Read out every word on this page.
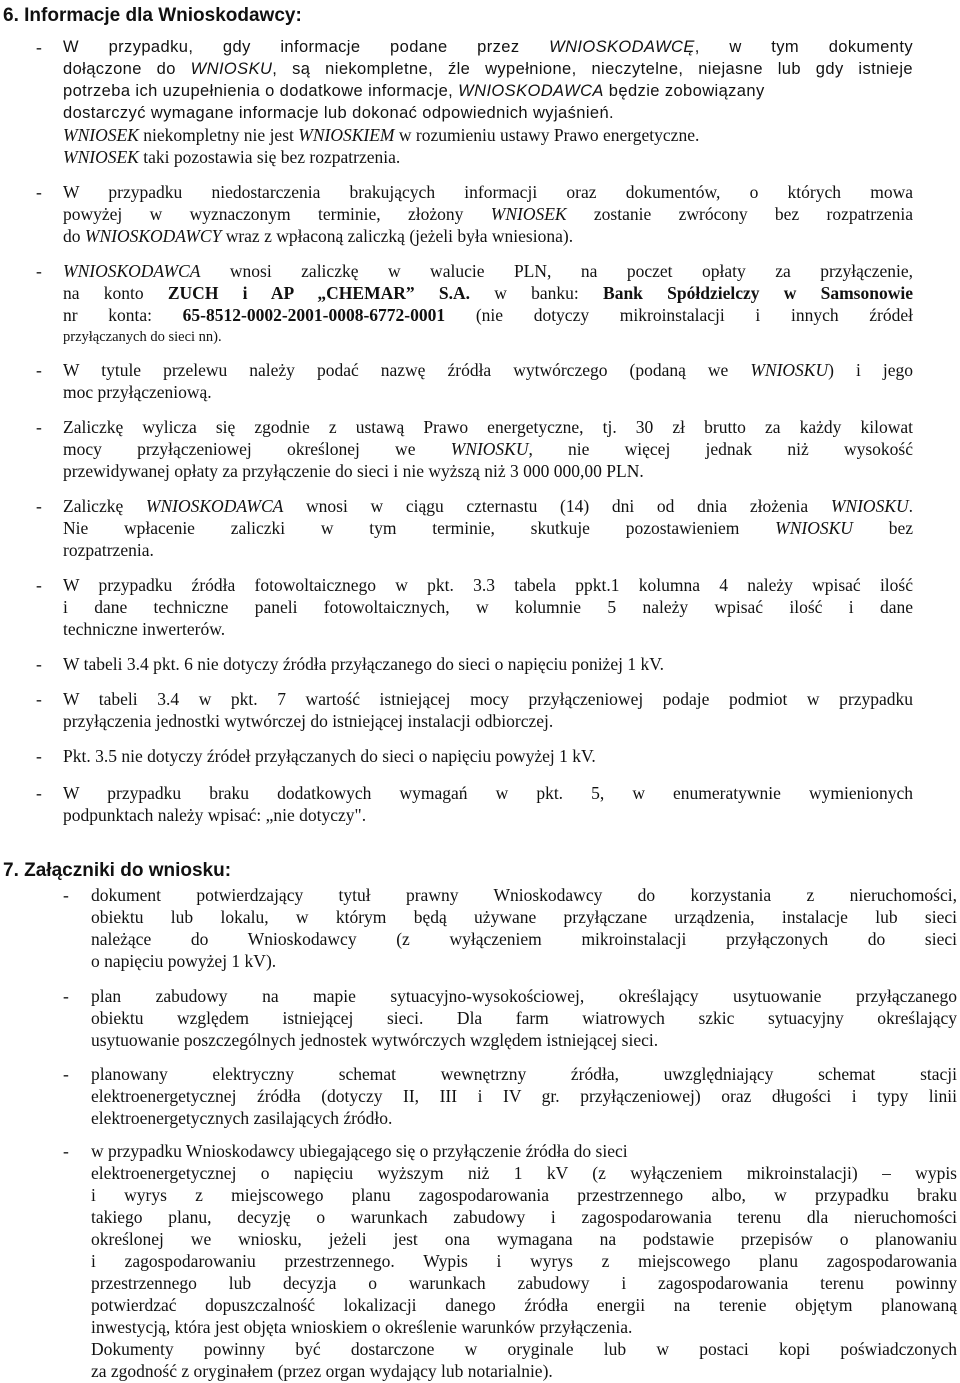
6. Informacje dla Wnioskodawcy:
- W przypadku, gdy informacje podane przez WNIOSKODAWCĘ, w tym dokumenty
dołączone do WNIOSKU, są niekompletne, źle wypełnione, nieczytelne, niejasne lub gdy istnieje
potrzeba ich uzupełnienia o dodatkowe informacje, WNIOSKODAWCA będzie zobowiązany
dostarczyć wymagane informacje lub dokonać odpowiednich wyjaśnień.
WNIOSEK niekompletny nie jest WNIOSKIEM w rozumieniu ustawy Prawo energetyczne.
WNIOSEK taki pozostawia się bez rozpatrzenia.
- W przypadku niedostarczenia brakujących informacji oraz dokumentów, o których mowa
powyżej w wyznaczonym terminie, złożony WNIOSEK zostanie zwrócony bez rozpatrzenia
do WNIOSKODAWCY wraz z wpłaconą zaliczką (jeżeli była wniesiona).
- WNIOSKODAWCA wnosi zaliczkę w walucie PLN, na poczet opłaty za przyłączenie,
na konto ZUCH i AP „CHEMAR” S.A. w banku: Bank Spółdzielczy w Samsonowie
nr konta: 65-8512-0002-2001-0008-6772-0001 (nie dotyczy mikroinstalacji i innych źródeł
przyłączanych do sieci nn).
- W tytule przelewu należy podać nazwę źródła wytwórczego (podaną we WNIOSKU) i jego
moc przyłączeniową.
- Zaliczkę wylicza się zgodnie z ustawą Prawo energetyczne, tj. 30 zł brutto za każdy kilowat
mocy przyłączeniowej określonej we WNIOSKU, nie więcej jednak niż wysokość
przewidywanej opłaty za przyłączenie do sieci i nie wyższą niż 3 000 000,00 PLN.
- Zaliczkę WNIOSKODAWCA wnosi w ciągu czternastu (14) dni od dnia złożenia WNIOSKU.
Nie wpłacenie zaliczki w tym terminie, skutkuje pozostawieniem WNIOSKU bez
rozpatrzenia.
- W przypadku źródła fotowoltaicznego w pkt. 3.3 tabela ppkt.1 kolumna 4 należy wpisać ilość
i dane techniczne paneli fotowoltaicznych, w kolumnie 5 należy wpisać ilość i dane
techniczne inwerterów.
- W tabeli 3.4 pkt. 6 nie dotyczy źródła przyłączanego do sieci o napięciu poniżej 1 kV.
- W tabeli 3.4 w pkt. 7 wartość istniejącej mocy przyłączeniowej podaje podmiot w przypadku
przyłączenia jednostki wytwórczej do istniejącej instalacji odbiorczej.
- Pkt. 3.5 nie dotyczy źródeł przyłączanych do sieci o napięciu powyżej 1 kV.
- W przypadku braku dodatkowych wymagań w pkt. 5, w enumeratywnie wymienionych
podpunktach należy wpisać: „nie dotyczy".
7. Załączniki do wniosku:
- dokument potwierdzający tytuł prawny Wnioskodawcy do korzystania z nieruchomości,
obiektu lub lokalu, w którym będą używane przyłączane urządzenia, instalacje lub sieci
należące do Wnioskodawcy (z wyłączeniem mikroinstalacji przyłączonych do sieci
o napięciu powyżej 1 kV).
- plan zabudowy na mapie sytuacyjno-wysokościowej, określający usytuowanie przyłączanego
obiektu względem istniejącej sieci. Dla farm wiatrowych szkic sytuacyjny określający
usytuowanie poszczególnych jednostek wytwórczych względem istniejącej sieci.
- planowany elektryczny schemat wewnętrzny źródła, uwzględniający schemat stacji
elektroenergetycznej źródła (dotyczy II, III i IV gr. przyłączeniowej) oraz długości i typy linii
elektroenergetycznych zasilających źródło.
- w przypadku Wnioskodawcy ubiegającego się o przyłączenie źródła do sieci
elektroenergetycznej o napięciu wyższym niż 1 kV (z wyłączeniem mikroinstalacji) – wypis
i wyrys z miejscowego planu zagospodarowania przestrzennego albo, w przypadku braku
takiego planu, decyzję o warunkach zabudowy i zagospodarowania terenu dla nieruchomości
określonej we wniosku, jeżeli jest ona wymagana na podstawie przepisów o planowaniu
i zagospodarowaniu przestrzennego. Wypis i wyrys z miejscowego planu zagospodarowania
przestrzennego lub decyzja o warunkach zabudowy i zagospodarowania terenu powinny
potwierdzać dopuszczalność lokalizacji danego źródła energii na terenie objętym planowaną
inwestycją, która jest objęta wnioskiem o określenie warunków przyłączenia.
Dokumenty powinny być dostarczone w oryginale lub w postaci kopi poświadczonych
za zgodność z oryginałem (przez organ wydający lub notarialnie).
